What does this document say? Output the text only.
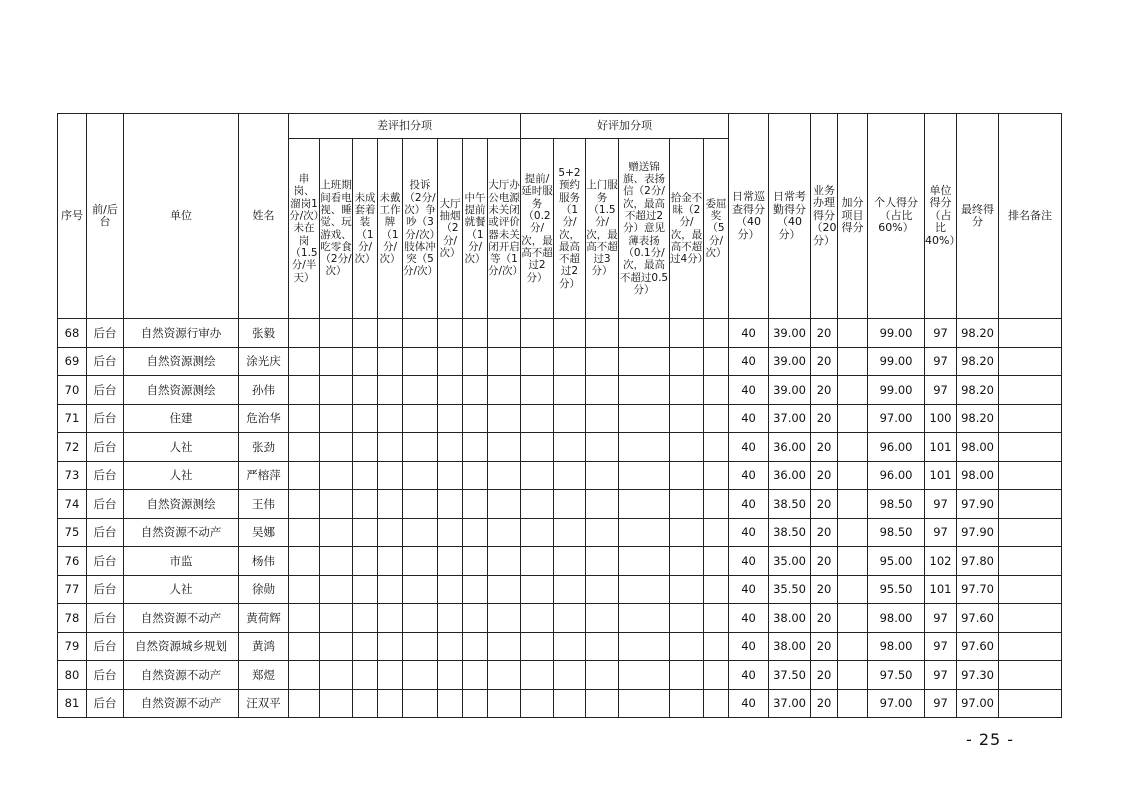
序号	前/后台	单位	姓名	差评扣分项								好评加分项						日常巡查得分（40分）	日常考勤得分（40分）	业务办理得分（20分）	加分项目得分	个人得分（占比60%）	单位得分（占比40%）	最终得分	排名备注
				串岗、溜岗1分/次）未在岗（1.5分/半天）	上班期间看电视、睡觉、玩游戏、吃零食（2分/次）	未成套着装（1分/次）	未戴工作牌（1分/次）	投诉（2分/次）争吵（3分/次）肢体冲突（5分/次）	大厅抽烟（2分/次）	中午提前就餐（1分/次）	大厅办公电源未关闭或评价器未关闭开启等（1分/次）	提前/延时服务（0.2分/次，最高不超过2分）	5+2预约服务（1分/次，最高不超过2分）	上门服务（1.5分/次，最高不超过3分）	赠送锦旗、表扬信（2分/次，最高不超过2分）意见薄表扬（0.1分/次，最高不超过0.5分）	拾金不昧（2分/次，最高不超过4分）	委屈奖（5分/次）								
68	后台	自然资源行审办	张毅															40	39.00	20		99.00	97	98.20	
69	后台	自然资源测绘	涂光庆															40	39.00	20		99.00	97	98.20	
70	后台	自然资源测绘	孙伟															40	39.00	20		99.00	97	98.20	
71	后台	住建	危治华															40	37.00	20		97.00	100	98.20	
72	后台	人社	张劲															40	36.00	20		96.00	101	98.00	
73	后台	人社	严榕萍															40	36.00	20		96.00	101	98.00	
74	后台	自然资源测绘	王伟															40	38.50	20		98.50	97	97.90	
75	后台	自然资源不动产	吴娜															40	38.50	20		98.50	97	97.90	
76	后台	市监	杨伟															40	35.00	20		95.00	102	97.80	
77	后台	人社	徐勋															40	35.50	20		95.50	101	97.70	
78	后台	自然资源不动产	黄荷辉															40	38.00	20		98.00	97	97.60	
79	后台	自然资源城乡规划	黄鸿															40	38.00	20		98.00	97	97.60	
80	后台	自然资源不动产	郑煜															40	37.50	20		97.50	97	97.30	
81	后台	自然资源不动产	汪双平															40	37.00	20		97.00	97	97.00	
- 25 -
